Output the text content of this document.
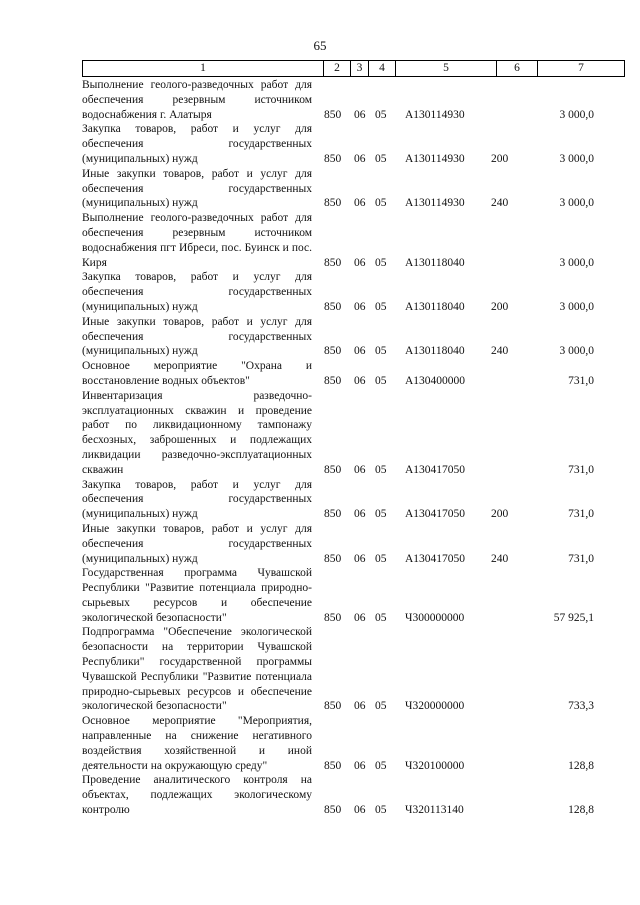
65
1	2	3	4	5	6	7
Выполнение геолого-разведочных работ для обеспечения резервным источником водоснабжения г. Алатыря	850 06 05 А130114930	3 000,0
Закупка товаров, работ и услуг для обеспечения государственных (муниципальных) нужд	850 06 05 А130114930 200	3 000,0
Иные закупки товаров, работ и услуг для обеспечения государственных (муниципальных) нужд	850 06 05 А130114930 240	3 000,0
Выполнение геолого-разведочных работ для обеспечения резервным источником водоснабжения пгт Ибреси, пос. Буинск и пос. Киря	850 06 05 А130118040	3 000,0
Закупка товаров, работ и услуг для обеспечения государственных (муниципальных) нужд	850 06 05 А130118040 200	3 000,0
Иные закупки товаров, работ и услуг для обеспечения государственных (муниципальных) нужд	850 06 05 А130118040 240	3 000,0
Основное мероприятие "Охрана и восстановление водных объектов"	850 06 05 А130400000	731,0
Инвентаризация разведочно-эксплуатационных скважин и проведение работ по ликвидационному тампонажу бесхозных, заброшенных и подлежащих ликвидации разведочно-эксплуатационных скважин	850 06 05 А130417050	731,0
Закупка товаров, работ и услуг для обеспечения государственных (муниципальных) нужд	850 06 05 А130417050 200	731,0
Иные закупки товаров, работ и услуг для обеспечения государственных (муниципальных) нужд	850 06 05 А130417050 240	731,0
Государственная программа Чувашской Республики "Развитие потенциала природно-сырьевых ресурсов и обеспечение экологической безопасности"	850 06 05 Ч300000000	57 925,1
Подпрограмма "Обеспечение экологической безопасности на территории Чувашской Республики" государственной программы Чувашской Республики "Развитие потенциала природно-сырьевых ресурсов и обеспечение экологической безопасности"	850 06 05 Ч320000000	733,3
Основное мероприятие "Мероприятия, направленные на снижение негативного воздействия хозяйственной и иной деятельности на окружающую среду"	850 06 05 Ч320100000	128,8
Проведение аналитического контроля на объектах, подлежащих экологическому контролю	850 06 05 Ч320113140	128,8
